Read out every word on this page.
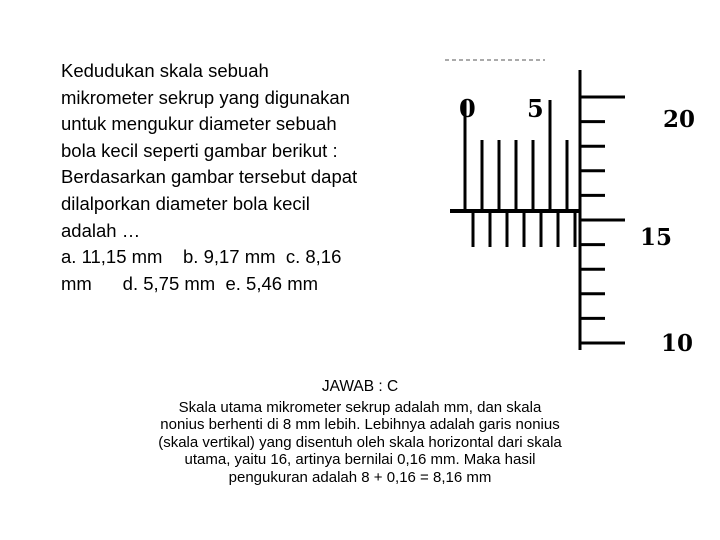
Kedudukan skala sebuah

mikrometer sekrup yang digunakan

untuk mengukur diameter sebuah

bola kecil seperti gambar berikut :

Berdasarkan gambar tersebut dapat

dilalporkan diameter bola kecil

adalah …

a. 11,15 mm    b. 9,17 mm  c. 8,16

mm      d. 5,75 mm  e. 5,46 mm

0 5	20
15
10

JAWAB : C

Skala utama mikrometer sekrup adalah mm, dan skala

nonius berhenti di 8 mm lebih. Lebihnya adalah garis nonius

(skala vertikal) yang disentuh oleh skala horizontal dari skala

utama, yaitu 16, artinya bernilai 0,16 mm. Maka hasil

pengukuran adalah 8 + 0,16 = 8,16 mm
